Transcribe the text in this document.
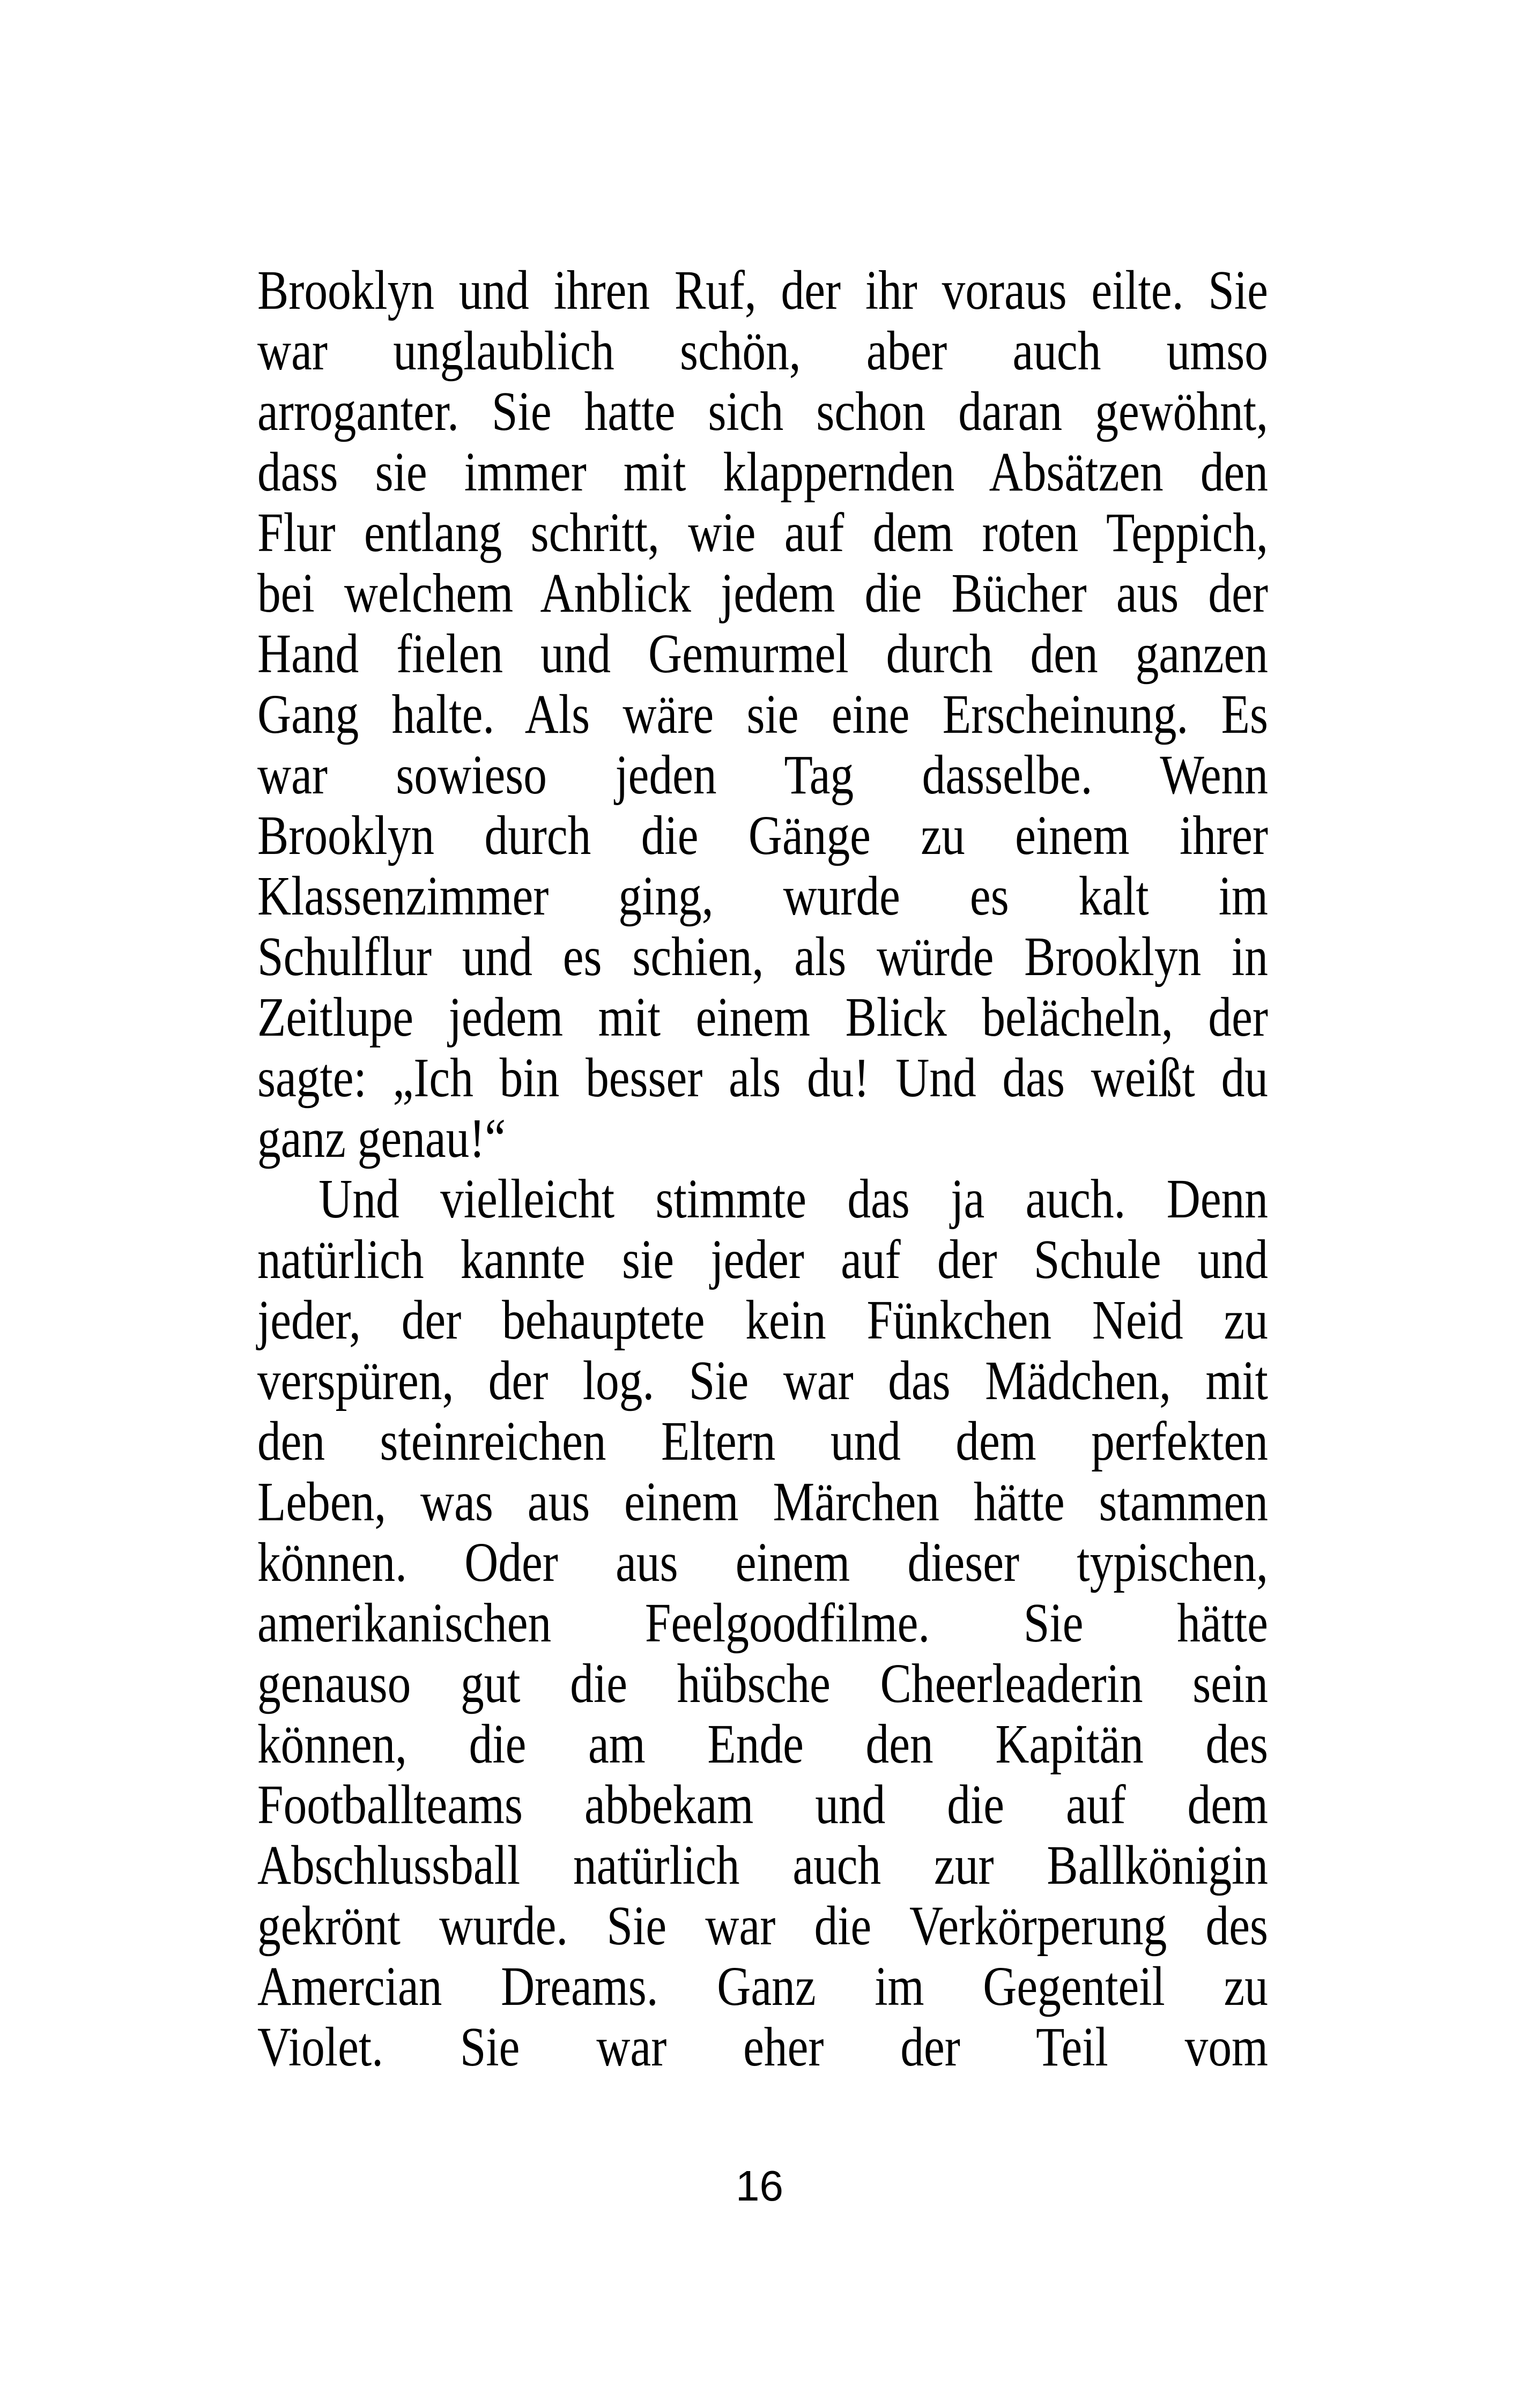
Brooklyn und ihren Ruf, der ihr voraus eilte. Sie
war unglaublich schön, aber auch umso
arroganter. Sie hatte sich schon daran gewöhnt,
dass sie immer mit klappernden Absätzen den
Flur entlang schritt, wie auf dem roten Teppich,
bei welchem Anblick jedem die Bücher aus der
Hand fielen und Gemurmel durch den ganzen
Gang halte. Als wäre sie eine Erscheinung. Es
war sowieso jeden Tag dasselbe. Wenn
Brooklyn durch die Gänge zu einem ihrer
Klassenzimmer ging, wurde es kalt im
Schulflur und es schien, als würde Brooklyn in
Zeitlupe jedem mit einem Blick belächeln, der
sagte: „Ich bin besser als du! Und das weißt du
ganz genau!“
Und vielleicht stimmte das ja auch. Denn
natürlich kannte sie jeder auf der Schule und
jeder, der behauptete kein Fünkchen Neid zu
verspüren, der log. Sie war das Mädchen, mit
den steinreichen Eltern und dem perfekten
Leben, was aus einem Märchen hätte stammen
können. Oder aus einem dieser typischen,
amerikanischen Feelgoodfilme. Sie hätte
genauso gut die hübsche Cheerleaderin sein
können, die am Ende den Kapitän des
Footballteams abbekam und die auf dem
Abschlussball natürlich auch zur Ballkönigin
gekrönt wurde. Sie war die Verkörperung des
Amercian Dreams. Ganz im Gegenteil zu
Violet. Sie war eher der Teil vom
16
